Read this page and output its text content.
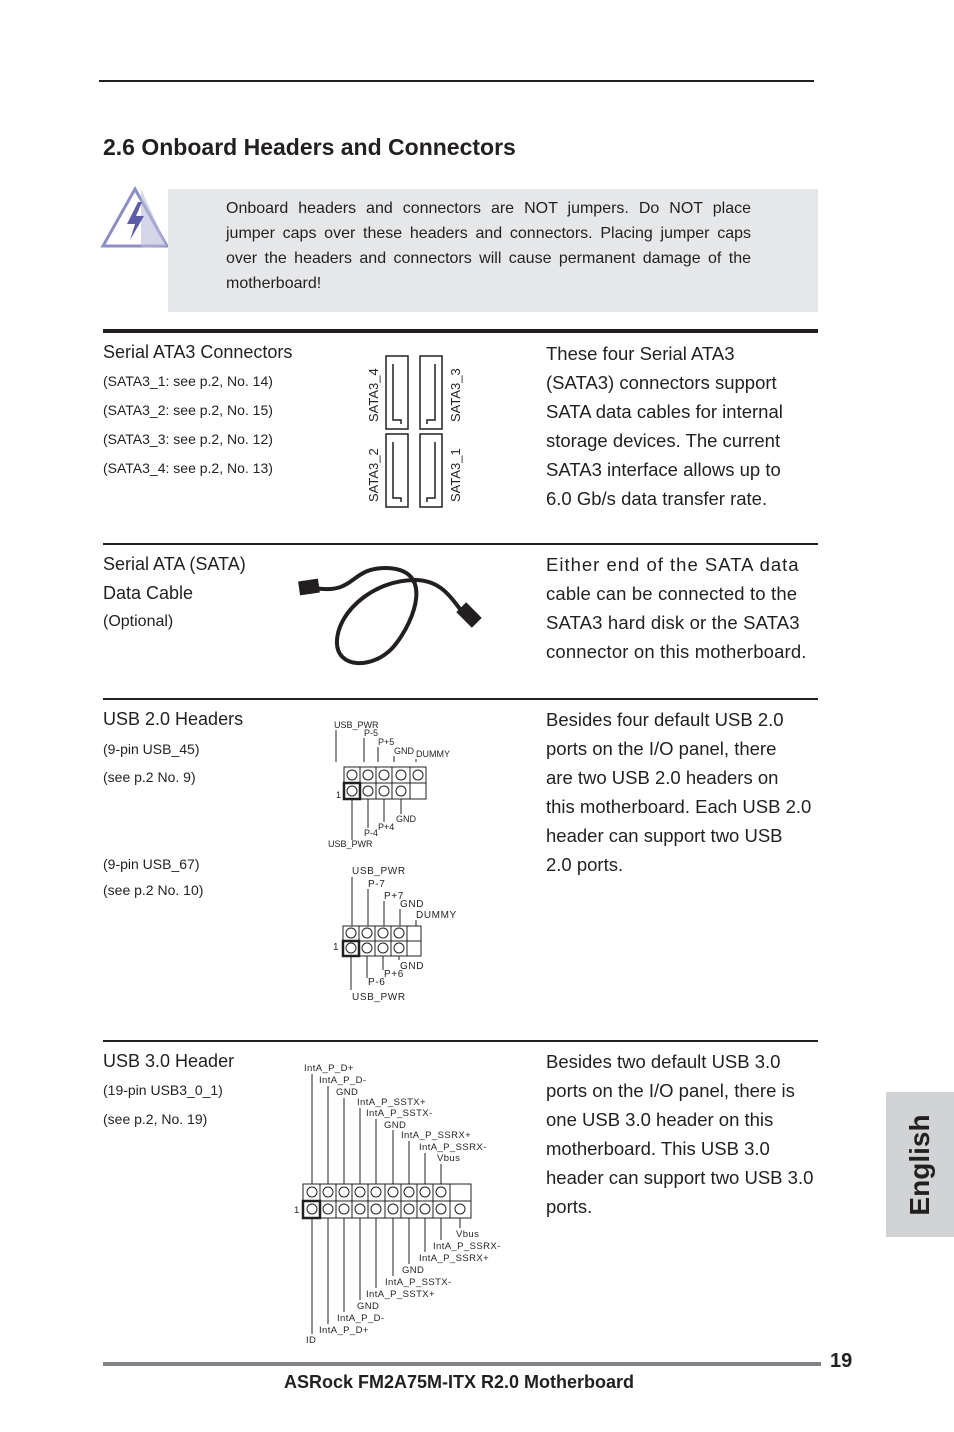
2.6 Onboard Headers and Connectors
Onboard headers and connectors are NOT jumpers. Do NOT place jumper caps over these headers and connectors. Placing jumper caps over the headers and connectors will cause permanent damage of the motherboard!
Serial ATA3 Connectors
(SATA3_1: see p.2, No. 14)
(SATA3_2: see p.2, No. 15)
(SATA3_3: see p.2, No. 12)
(SATA3_4: see p.2, No. 13)
SATA3_4	SATA3_3
SATA3_2	SATA3_1
These four Serial ATA3
(SATA3) connectors support
SATA data cables for internal
storage devices. The current
SATA3 interface allows up to
6.0 Gb/s data transfer rate.
Serial ATA (SATA)
Data Cable
(Optional)
Either end of the SATA data
cable can be connected to the
SATA3 hard disk or the SATA3
connector on this motherboard.
USB 2.0 Headers
(9-pin USB_45)
(see p.2 No. 9)
(9-pin USB_67)
(see p.2 No. 10)
USB_PWR
P-5
P+5
GND DUMMY
1
GND
P+4
P-4
USB_PWR
USB_PWR
P-7
P+7
GND
DUMMY
1
GND
P+6
P-6
USB_PWR
Besides four default USB 2.0
ports on the I/O panel, there
are two USB 2.0 headers on
this motherboard. Each USB 2.0
header can support two USB
2.0 ports.
USB 3.0 Header
(19-pin USB3_0_1)
(see p.2, No. 19)
IntA_P_D+
IntA_P_D-
GND
IntA_P_SSTX+
IntA_P_SSTX-
GND
IntA_P_SSRX+
IntA_P_SSRX-
Vbus
1
Vbus
IntA_P_SSRX-
IntA_P_SSRX+
GND
IntA_P_SSTX-
IntA_P_SSTX+
GND
IntA_P_D-
IntA_P_D+
ID
Besides two default USB 3.0
ports on the I/O panel, there is
one USB 3.0 header on this
motherboard. This USB 3.0
header can support two USB 3.0
ports.	English
19
ASRock FM2A75M-ITX R2.0 Motherboard
